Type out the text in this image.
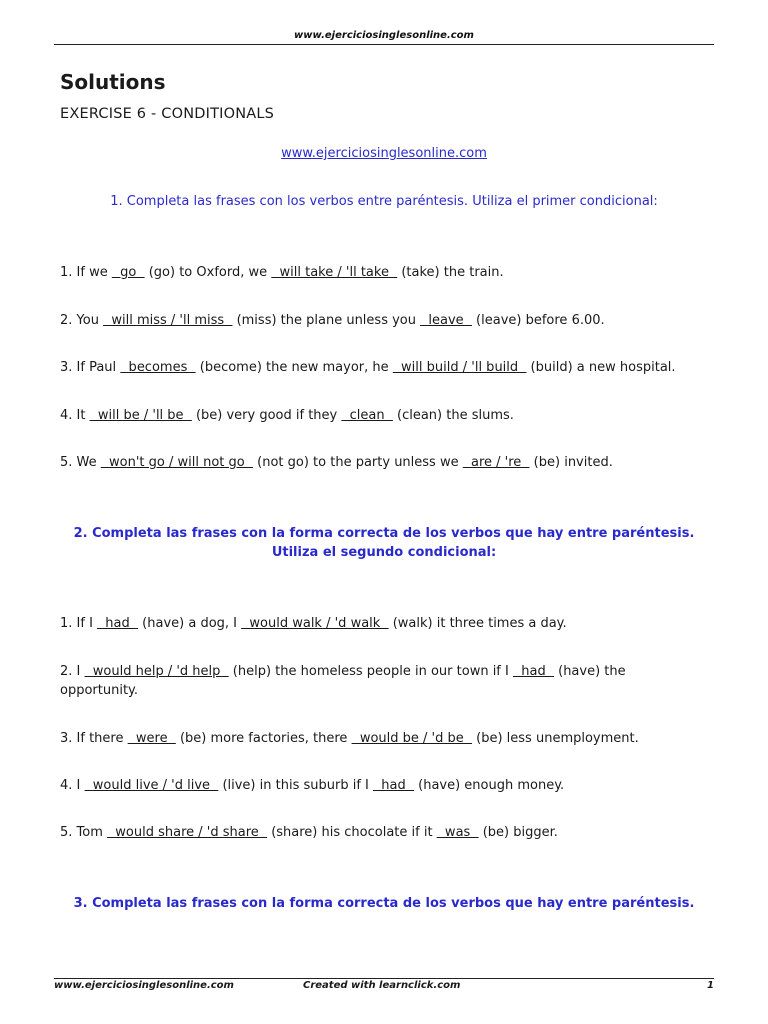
www.ejerciciosinglesonline.com
Solutions
EXERCISE 6 - CONDITIONALS
www.ejerciciosinglesonline.com
1. Completa las frases con los verbos entre paréntesis. Utiliza el primer condicional:
1. If we   go   (go) to Oxford, we   will take / 'll take   (take) the train.
2. You   will miss / 'll miss   (miss) the plane unless you   leave   (leave) before 6.00.
3. If Paul   becomes   (become) the new mayor, he   will build / 'll build   (build) a new hospital.
4. It   will be / 'll be   (be) very good if they   clean   (clean) the slums.
5. We   won't go / will not go   (not go) to the party unless we   are / 're   (be) invited.
2. Completa las frases con la forma correcta de los verbos que hay entre paréntesis.
Utiliza el segundo condicional:
1. If I   had   (have) a dog, I   would walk / 'd walk   (walk) it three times a day.
2. I   would help / 'd help   (help) the homeless people in our town if I   had   (have) the opportunity.
3. If there   were   (be) more factories, there   would be / 'd be   (be) less unemployment.
4. I   would live / 'd live   (live) in this suburb if I   had   (have) enough money.
5. Tom   would share / 'd share   (share) his chocolate if it   was   (be) bigger.
3. Completa las frases con la forma correcta de los verbos que hay entre paréntesis.
www.ejerciciosinglesonline.com	Created with learnclick.com	1
